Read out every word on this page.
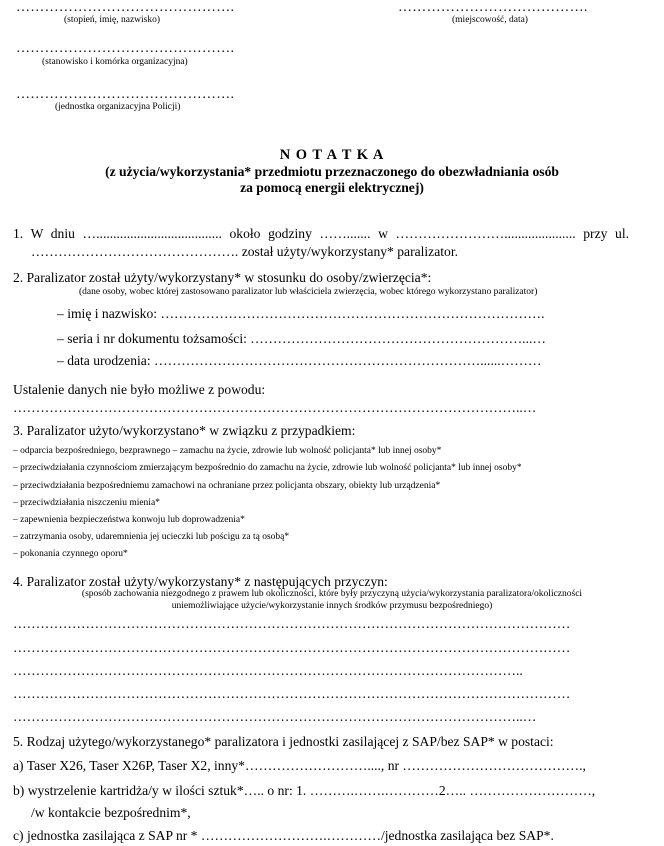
……………………………………….
(stopień, imię, nazwisko)
………………………………….
(miejscowość, data)
……………………………………….
(stanowisko i komórka organizacyjna)
……………………………………….
(jednostka organizacyjna Policji)
N O T A T K A
(z użycia/wykorzystania* przedmiotu przeznaczonego do obezwładniania osób
za pomocą energii elektrycznej)
1. W dniu …..................................... około godziny ……....... w ……………………..................... przy ul.
………………………………………. został użyty/wykorzystany* paralizator.
2. Paralizator został użyty/wykorzystany* w stosunku do osoby/zwierzęcia*:
(dane osoby, wobec której zastosowano paralizator lub właściciela zwierzęcia, wobec którego wykorzystano paralizator)
– imię i nazwisko: ………………………………………………………………………….
– seria i nr dokumentu tożsamości: ……………………………………………………...…
– data urodzenia: ………………………………………………………………......………
Ustalenie danych nie było możliwe z powodu:
…………………………………………………………………………………………………..…
3. Paralizator użyto/wykorzystano* w związku z przypadkiem:
– odparcia bezpośredniego, bezprawnego – zamachu na życie, zdrowie lub wolność policjanta* lub innej osoby*
– przeciwdziałania czynnościom zmierzającym bezpośrednio do zamachu na życie, zdrowie lub wolność policjanta* lub innej osoby*
– przeciwdziałania bezpośredniemu zamachowi na ochraniane przez policjanta obszary, obiekty lub urządzenia*
– przeciwdziałania niszczeniu mienia*
– zapewnienia bezpieczeństwa konwoju lub doprowadzenia*
– zatrzymania osoby, udaremnienia jej ucieczki lub pościgu za tą osobą*
– pokonania czynnego oporu*
4. Paralizator został użyty/wykorzystany* z następujących przyczyn:
(sposób zachowania niezgodnego z prawem lub okoliczności, które były przyczyną użycia/wykorzystania paralizatora/okoliczności
uniemożliwiające użycie/wykorzystanie innych środków przymusu bezpośredniego)
……………………………………………………………………………………………………………
……………………………………………………………………………………………………………
…………………………………………………………………………………………………..
……………………………………………………………………………………………………………
…………………………………………………………………………………………………..…
5. Rodzaj użytego/wykorzystanego* paralizatora i jednostki zasilającej z SAP/bez SAP* w postaci:
a) Taser X26, Taser X26P, Taser X2, inny*………………………...., nr ………………………………….,
b) wystrzelenie kartridża/y w ilości sztuk*….. o nr: 1. ……….…….…………2….. ………………………,
/w kontakcie bezpośrednim*,
c) jednostka zasilająca z SAP nr * ……………………….…………/jednostka zasilająca bez SAP*.
